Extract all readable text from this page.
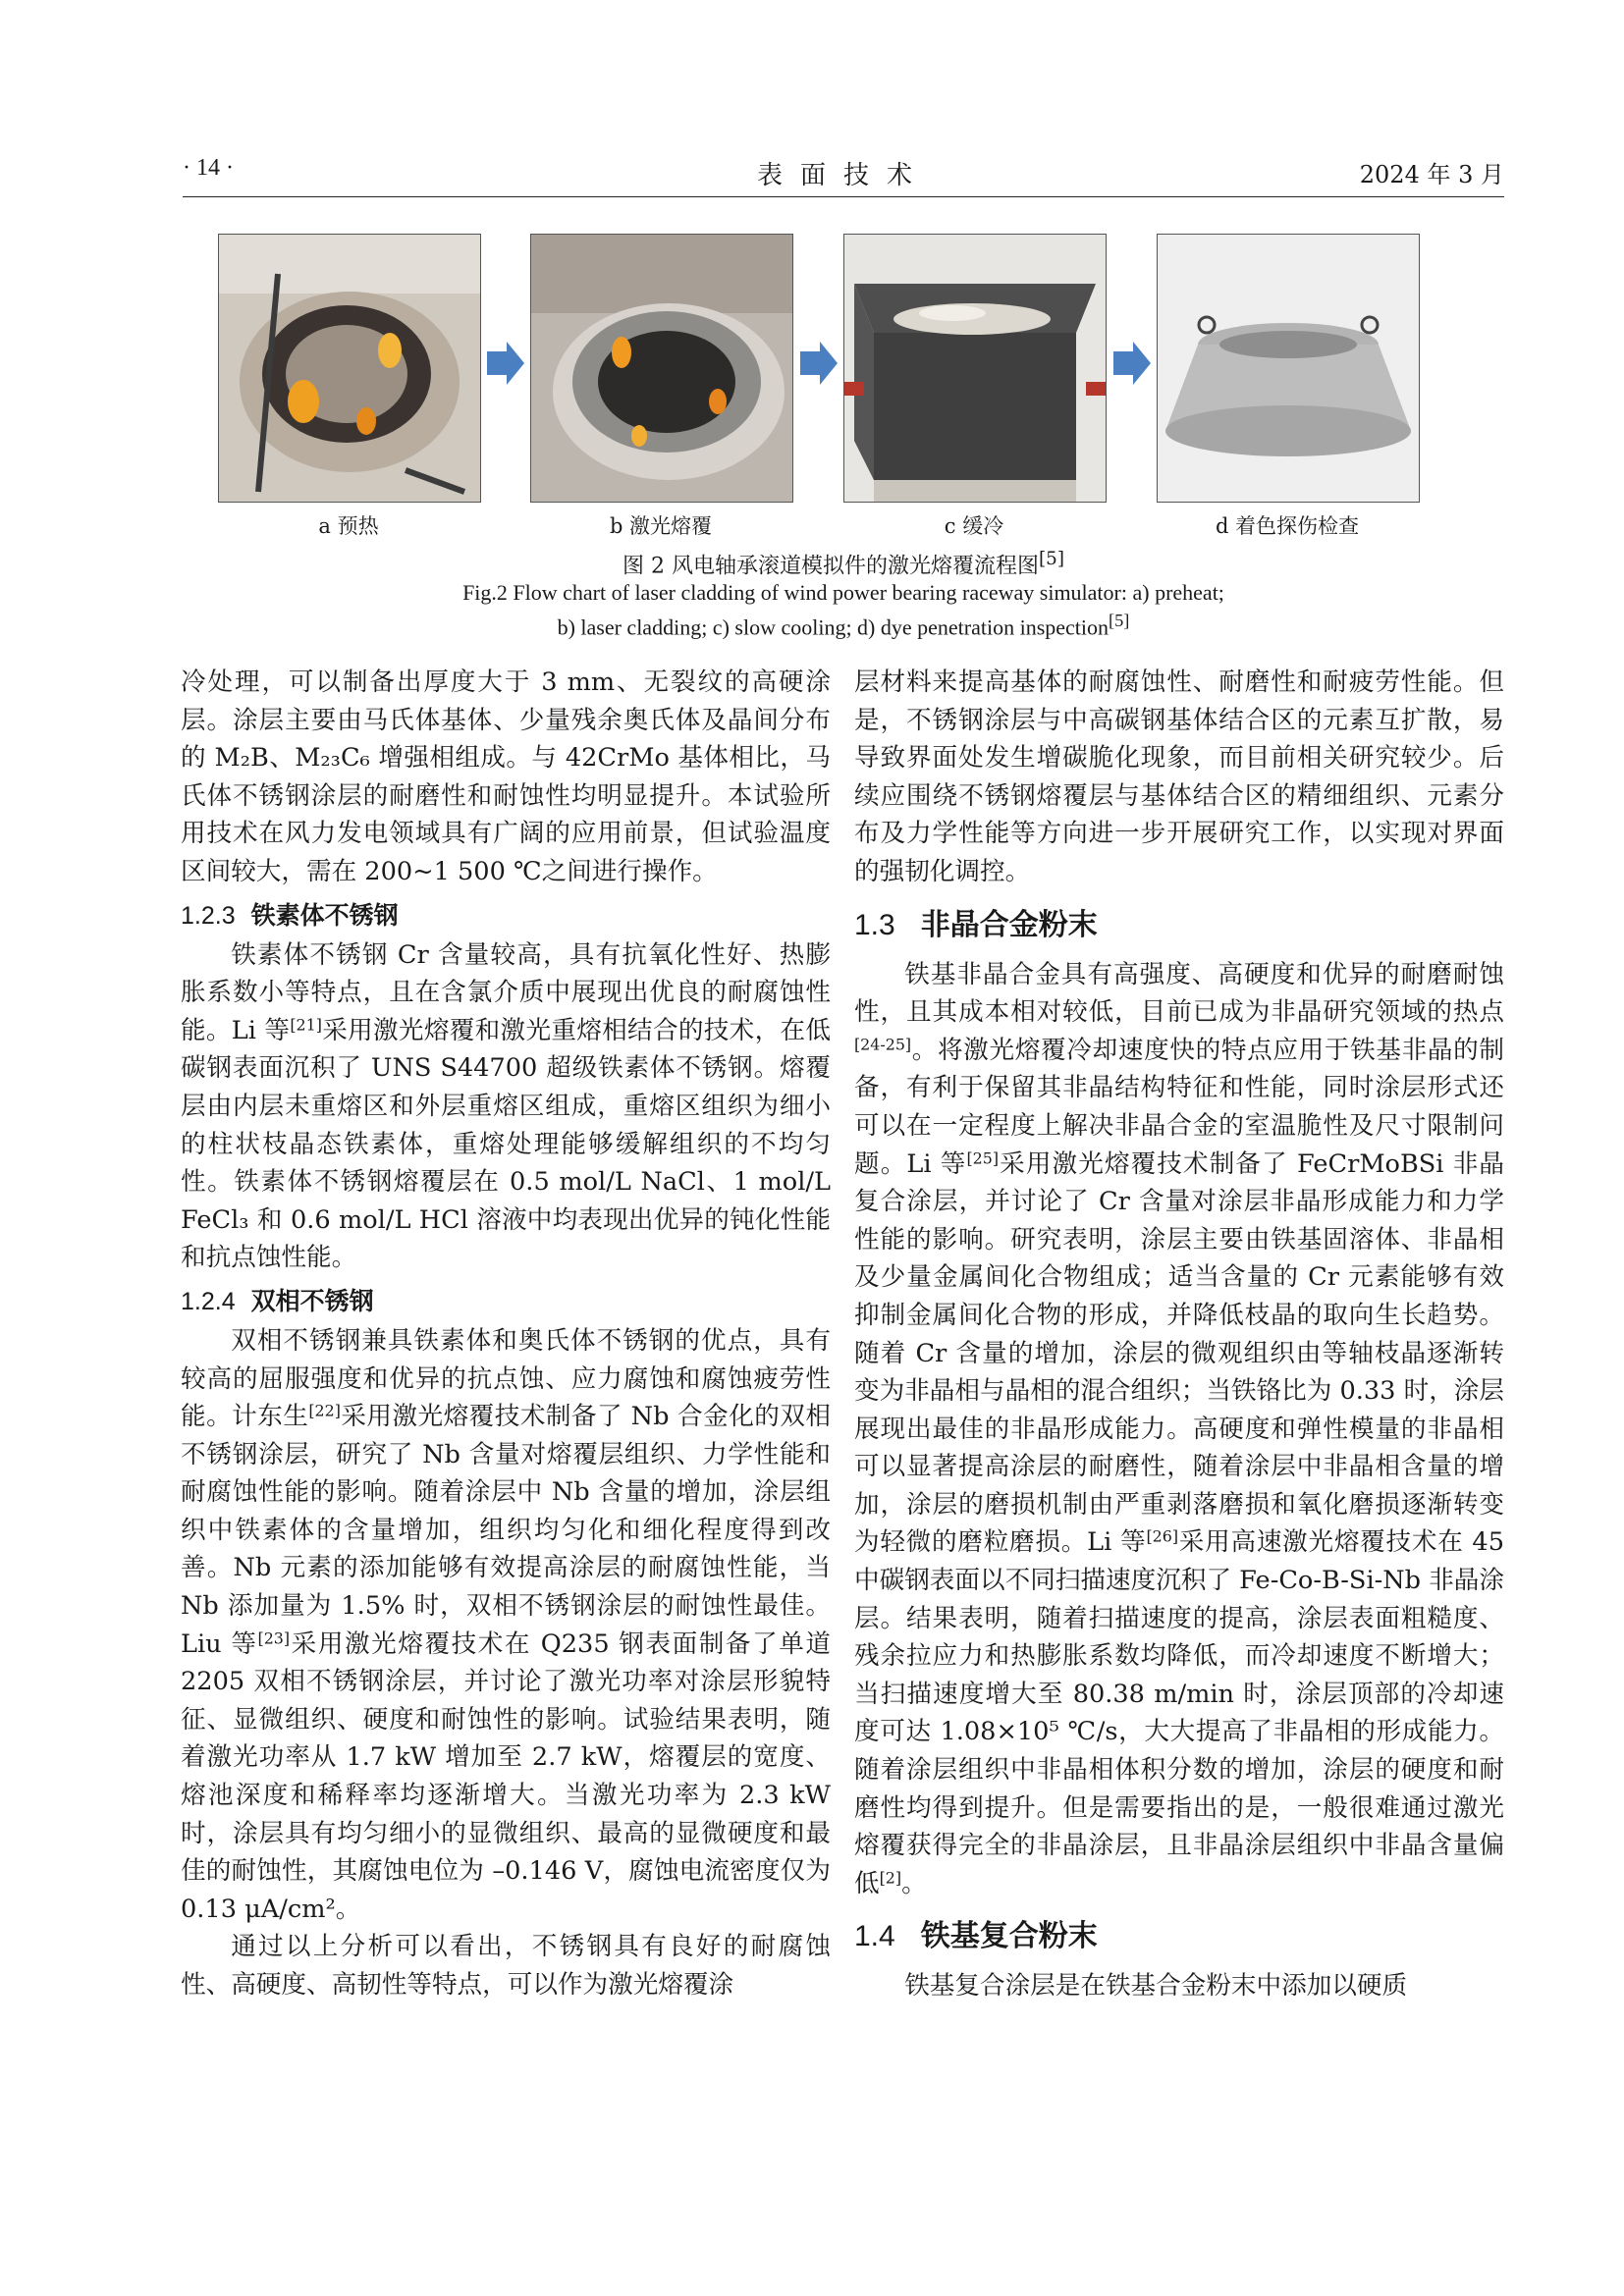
· 14 ·	表面技术	2024 年 3 月
a 预热	b 激光熔覆	c 缓冷	d 着色探伤检查
图 2 风电轴承滚道模拟件的激光熔覆流程图[5]
Fig.2 Flow chart of laser cladding of wind power bearing raceway simulator: a) preheat;
b) laser cladding; c) slow cooling; d) dye penetration inspection[5]

冷处理，可以制备出厚度大于 3 mm、无裂纹的高硬涂层。涂层主要由马氏体基体、少量残余奥氏体及晶间分布的 M₂B、M₂₃C₆ 增强相组成。与 42CrMo 基体相比，马氏体不锈钢涂层的耐磨性和耐蚀性均明显提升。本试验所用技术在风力发电领域具有广阔的应用前景，但试验温度区间较大，需在 200~1 500 ℃之间进行操作。

1.2.3 铁素体不锈钢

铁素体不锈钢 Cr 含量较高，具有抗氧化性好、热膨胀系数小等特点，且在含氯介质中展现出优良的耐腐蚀性能。Li 等[21]采用激光熔覆和激光重熔相结合的技术，在低碳钢表面沉积了 UNS S44700 超级铁素体不锈钢。熔覆层由内层未重熔区和外层重熔区组成，重熔区组织为细小的柱状枝晶态铁素体，重熔处理能够缓解组织的不均匀性。铁素体不锈钢熔覆层在 0.5 mol/L NaCl、1 mol/L FeCl₃ 和 0.6 mol/L HCl 溶液中均表现出优异的钝化性能和抗点蚀性能。

1.2.4 双相不锈钢

双相不锈钢兼具铁素体和奥氏体不锈钢的优点，具有较高的屈服强度和优异的抗点蚀、应力腐蚀和腐蚀疲劳性能。计东生[22]采用激光熔覆技术制备了 Nb 合金化的双相不锈钢涂层，研究了 Nb 含量对熔覆层组织、力学性能和耐腐蚀性能的影响。随着涂层中 Nb 含量的增加，涂层组织中铁素体的含量增加，组织均匀化和细化程度得到改善。Nb 元素的添加能够有效提高涂层的耐腐蚀性能，当 Nb 添加量为 1.5% 时，双相不锈钢涂层的耐蚀性最佳。Liu 等[23]采用激光熔覆技术在 Q235 钢表面制备了单道 2205 双相不锈钢涂层，并讨论了激光功率对涂层形貌特征、显微组织、硬度和耐蚀性的影响。试验结果表明，随着激光功率从 1.7 kW 增加至 2.7 kW，熔覆层的宽度、熔池深度和稀释率均逐渐增大。当激光功率为 2.3 kW 时，涂层具有均匀细小的显微组织、最高的显微硬度和最佳的耐蚀性，其腐蚀电位为 –0.146 V，腐蚀电流密度仅为 0.13 μA/cm²。

通过以上分析可以看出，不锈钢具有良好的耐腐蚀性、高硬度、高韧性等特点，可以作为激光熔覆涂

层材料来提高基体的耐腐蚀性、耐磨性和耐疲劳性能。但是，不锈钢涂层与中高碳钢基体结合区的元素互扩散，易导致界面处发生增碳脆化现象，而目前相关研究较少。后续应围绕不锈钢熔覆层与基体结合区的精细组织、元素分布及力学性能等方向进一步开展研究工作，以实现对界面的强韧化调控。

1.3 非晶合金粉末

铁基非晶合金具有高强度、高硬度和优异的耐磨耐蚀性，且其成本相对较低，目前已成为非晶研究领域的热点[24-25]。将激光熔覆冷却速度快的特点应用于铁基非晶的制备，有利于保留其非晶结构特征和性能，同时涂层形式还可以在一定程度上解决非晶合金的室温脆性及尺寸限制问题。Li 等[25]采用激光熔覆技术制备了 FeCrMoBSi 非晶复合涂层，并讨论了 Cr 含量对涂层非晶形成能力和力学性能的影响。研究表明，涂层主要由铁基固溶体、非晶相及少量金属间化合物组成；适当含量的 Cr 元素能够有效抑制金属间化合物的形成，并降低枝晶的取向生长趋势。随着 Cr 含量的增加，涂层的微观组织由等轴枝晶逐渐转变为非晶相与晶相的混合组织；当铁铬比为 0.33 时，涂层展现出最佳的非晶形成能力。高硬度和弹性模量的非晶相可以显著提高涂层的耐磨性，随着涂层中非晶相含量的增加，涂层的磨损机制由严重剥落磨损和氧化磨损逐渐转变为轻微的磨粒磨损。Li 等[26]采用高速激光熔覆技术在 45 中碳钢表面以不同扫描速度沉积了 Fe-Co-B-Si-Nb 非晶涂层。结果表明，随着扫描速度的提高，涂层表面粗糙度、残余拉应力和热膨胀系数均降低，而冷却速度不断增大；当扫描速度增大至 80.38 m/min 时，涂层顶部的冷却速度可达 1.08×10⁵ ℃/s，大大提高了非晶相的形成能力。随着涂层组织中非晶相体积分数的增加，涂层的硬度和耐磨性均得到提升。但是需要指出的是，一般很难通过激光熔覆获得完全的非晶涂层，且非晶涂层组织中非晶含量偏低[2]。

1.4 铁基复合粉末

铁基复合涂层是在铁基合金粉末中添加以硬质
